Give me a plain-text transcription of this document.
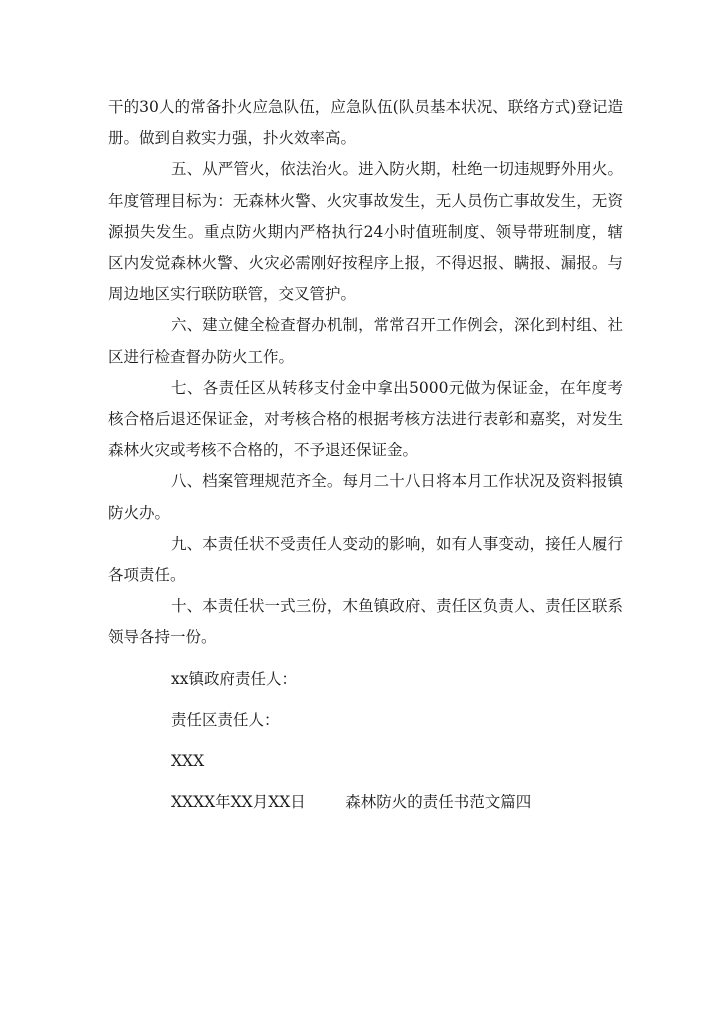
干的30人的常备扑火应急队伍，应急队伍(队员基本状况、联络方式)登记造册。做到自救实力强，扑火效率高。

五、从严管火，依法治火。进入防火期，杜绝一切违规野外用火。年度管理目标为：无森林火警、火灾事故发生，无人员伤亡事故发生，无资源损失发生。重点防火期内严格执行24小时值班制度、领导带班制度，辖区内发觉森林火警、火灾必需刚好按程序上报，不得迟报、瞒报、漏报。与周边地区实行联防联管，交叉管护。

六、建立健全检查督办机制，常常召开工作例会，深化到村组、社区进行检查督办防火工作。

七、各责任区从转移支付金中拿出5000元做为保证金，在年度考核合格后退还保证金，对考核合格的根据考核方法进行表彰和嘉奖，对发生森林火灾或考核不合格的，不予退还保证金。

八、档案管理规范齐全。每月二十八日将本月工作状况及资料报镇防火办。

九、本责任状不受责任人变动的影响，如有人事变动，接任人履行各项责任。

十、本责任状一式三份，木鱼镇政府、责任区负责人、责任区联系领导各持一份。

xx镇政府责任人：

责任区责任人：

XXX

XXXX年XX月XX日	森林防火的责任书范文篇四
